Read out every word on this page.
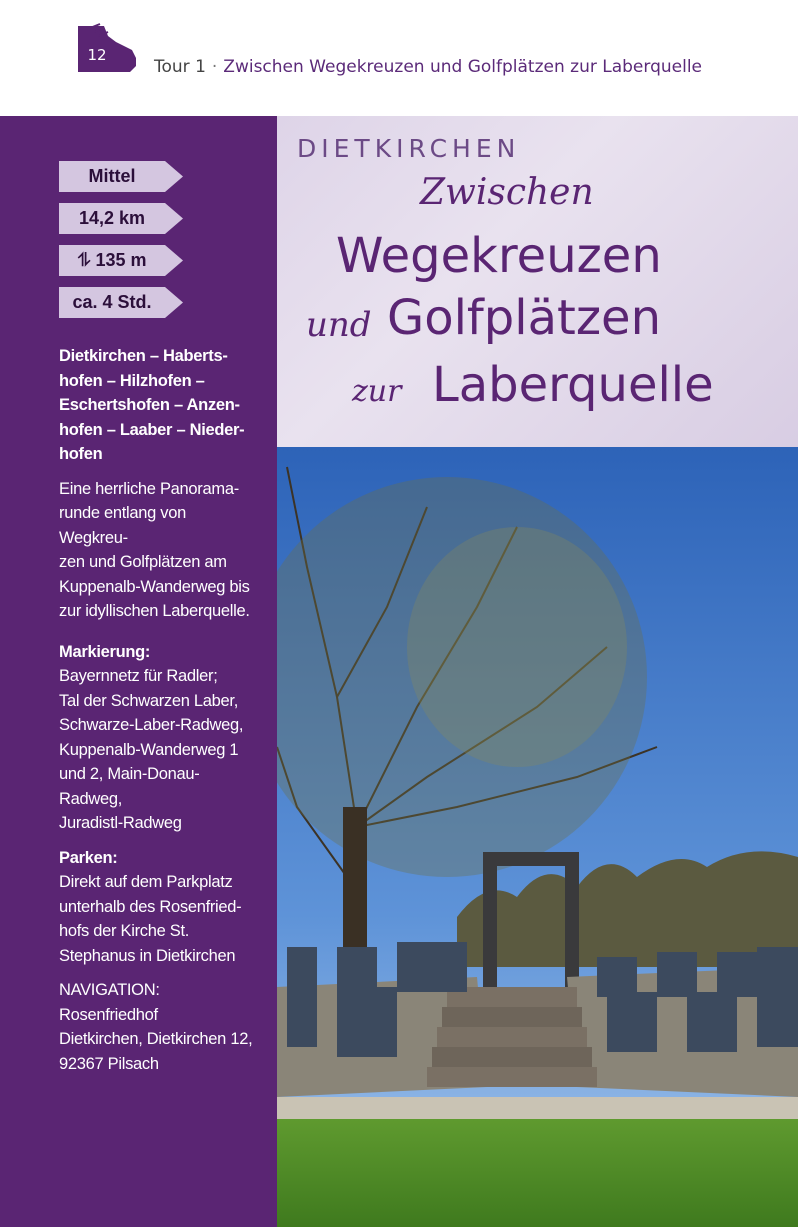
12
Tour 1 · Zwischen Wegekreuzen und Golfplätzen zur Laberquelle
Mittel
14,2 km
⥮ 135 m
ca. 4 Std.
Dietkirchen – Haberts-
hofen – Hilzhofen –
Eschertshofen – Anzen-
hofen – Laaber – Nieder-
hofen
Eine herrliche Panorama-
runde entlang von Wegkreu-
zen und Golfplätzen am
Kuppenalb-Wanderweg bis
zur idyllischen Laberquelle.
Markierung:
Bayernnetz für Radler;
Tal der Schwarzen Laber,
Schwarze-Laber-Radweg,
Kuppenalb-Wanderweg 1
und 2, Main-Donau-Radweg,
Juradistl-Radweg
Parken:
Direkt auf dem Parkplatz
unterhalb des Rosenfried-
hofs der Kirche St.
Stephanus in Dietkirchen
NAVIGATION: Rosenfriedhof
Dietkirchen, Dietkirchen 12,
92367 Pilsach
DIETKIRCHEN
Zwischen
Wegekreuzen
und Golfplätzen
zur Laberquelle
